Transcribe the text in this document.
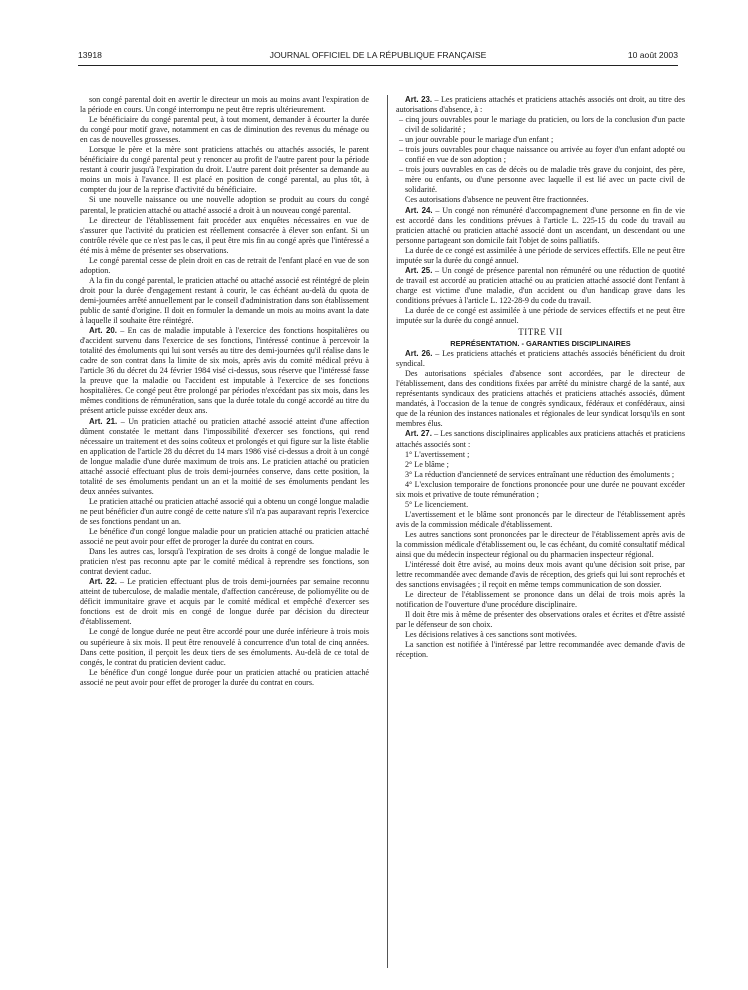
JOURNAL OFFICIEL DE LA RÉPUBLIQUE FRANÇAISE
13918	10 août 2003

son congé parental doit en avertir le directeur un mois au moins avant l'expiration de la période en cours. Un congé interrompu ne peut être repris ultérieurement.

Le bénéficiaire du congé parental peut, à tout moment, demander à écourter la durée du congé pour motif grave, notamment en cas de diminution des revenus du ménage ou en cas de nouvelles grossesses.

Lorsque le père et la mère sont praticiens attachés ou attachés associés, le parent bénéficiaire du congé parental peut y renoncer au profit de l'autre parent pour la période restant à courir jusqu'à l'expiration du droit. L'autre parent doit présenter sa demande au moins un mois à l'avance. Il est placé en position de congé parental, au plus tôt, à compter du jour de la reprise d'activité du bénéficiaire.

Si une nouvelle naissance ou une nouvelle adoption se produit au cours du congé parental, le praticien attaché ou attaché associé a droit à un nouveau congé parental.

Le directeur de l'établissement fait procéder aux enquêtes nécessaires en vue de s'assurer que l'activité du praticien est réellement consacrée à élever son enfant. Si un contrôle révèle que ce n'est pas le cas, il peut être mis fin au congé après que l'intéressé a été mis à même de présenter ses observations.

Le congé parental cesse de plein droit en cas de retrait de l'enfant placé en vue de son adoption.

A la fin du congé parental, le praticien attaché ou attaché associé est réintégré de plein droit pour la durée d'engagement restant à courir, le cas échéant au-delà du quota de demi-journées arrêté annuellement par le conseil d'administration dans son établissement public de santé d'origine. Il doit en formuler la demande un mois au moins avant la date à laquelle il souhaite être réintégré.

Art. 20. – En cas de maladie imputable à l'exercice des fonctions hospitalières ou d'accident survenu dans l'exercice de ses fonctions, l'intéressé continue à percevoir la totalité des émoluments qui lui sont versés au titre des demi-journées qu'il réalise dans le cadre de son contrat dans la limite de six mois, après avis du comité médical prévu à l'article 36 du décret du 24 février 1984 visé ci-dessus, sous réserve que l'intéressé fasse la preuve que la maladie ou l'accident est imputable à l'exercice de ses fonctions hospitalières. Ce congé peut être prolongé par périodes n'excédant pas six mois, dans les mêmes conditions de rémunération, sans que la durée totale du congé accordé au titre du présent article puisse excéder deux ans.

Art. 21. – Un praticien attaché ou praticien attaché associé atteint d'une affection dûment constatée le mettant dans l'impossibilité d'exercer ses fonctions, qui rend nécessaire un traitement et des soins coûteux et prolongés et qui figure sur la liste établie en application de l'article 28 du décret du 14 mars 1986 visé ci-dessus a droit à un congé de longue maladie d'une durée maximum de trois ans. Le praticien attaché ou praticien attaché associé effectuant plus de trois demi-journées conserve, dans cette position, la totalité de ses émoluments pendant un an et la moitié de ses émoluments pendant les deux années suivantes.

Le praticien attaché ou praticien attaché associé qui a obtenu un congé longue maladie ne peut bénéficier d'un autre congé de cette nature s'il n'a pas auparavant repris l'exercice de ses fonctions pendant un an.

Le bénéfice d'un congé longue maladie pour un praticien attaché ou praticien attaché associé ne peut avoir pour effet de proroger la durée du contrat en cours.

Dans les autres cas, lorsqu'à l'expiration de ses droits à congé de longue maladie le praticien n'est pas reconnu apte par le comité médical à reprendre ses fonctions, son contrat devient caduc.

Art. 22. – Le praticien effectuant plus de trois demi-journées par semaine reconnu atteint de tuberculose, de maladie mentale, d'affection cancéreuse, de poliomyélite ou de déficit immunitaire grave et acquis par le comité médical et empêché d'exercer ses fonctions est de droit mis en congé de longue durée par décision du directeur d'établissement.

Le congé de longue durée ne peut être accordé pour une durée inférieure à trois mois ou supérieure à six mois. Il peut être renouvelé à concurrence d'un total de cinq années. Dans cette position, il perçoit les deux tiers de ses émoluments. Au-delà de ce total de congés, le contrat du praticien devient caduc.

Le bénéfice d'un congé longue durée pour un praticien attaché ou praticien attaché associé ne peut avoir pour effet de proroger la durée du contrat en cours.

Art. 23. – Les praticiens attachés et praticiens attachés associés ont droit, au titre des autorisations d'absence, à :

– cinq jours ouvrables pour le mariage du praticien, ou lors de la conclusion d'un pacte civil de solidarité ;
– un jour ouvrable pour le mariage d'un enfant ;
– trois jours ouvrables pour chaque naissance ou arrivée au foyer d'un enfant adopté ou confié en vue de son adoption ;
– trois jours ouvrables en cas de décès ou de maladie très grave du conjoint, des père, mère ou enfants, ou d'une personne avec laquelle il est lié avec un pacte civil de solidarité.

Ces autorisations d'absence ne peuvent être fractionnées.

Art. 24. – Un congé non rémunéré d'accompagnement d'une personne en fin de vie est accordé dans les conditions prévues à l'article L. 225-15 du code du travail au praticien attaché ou praticien attaché associé dont un ascendant, un descendant ou une personne partageant son domicile fait l'objet de soins palliatifs.

La durée de ce congé est assimilée à une période de services effectifs. Elle ne peut être imputée sur la durée du congé annuel.

Art. 25. – Un congé de présence parental non rémunéré ou une réduction de quotité de travail est accordé au praticien attaché ou au praticien attaché associé dont l'enfant à charge est victime d'une maladie, d'un accident ou d'un handicap grave dans les conditions prévues à l'article L. 122-28-9 du code du travail.

La durée de ce congé est assimilée à une période de services effectifs et ne peut être imputée sur la durée du congé annuel.

TITRE VII

REPRÉSENTATION. - GARANTIES DISCIPLINAIRES

Art. 26. – Les praticiens attachés et praticiens attachés associés bénéficient du droit syndical.

Des autorisations spéciales d'absence sont accordées, par le directeur de l'établissement, dans des conditions fixées par arrêté du ministre chargé de la santé, aux représentants syndicaux des praticiens attachés et praticiens attachés associés, dûment mandatés, à l'occasion de la tenue de congrès syndicaux, fédéraux et confédéraux, ainsi que de la réunion des instances nationales et régionales de leur syndicat lorsqu'ils en sont membres élus.

Art. 27. – Les sanctions disciplinaires applicables aux praticiens attachés et praticiens attachés associés sont :

1° L'avertissement ;

2° Le blâme ;

3° La réduction d'ancienneté de services entraînant une réduction des émoluments ;

4° L'exclusion temporaire de fonctions prononcée pour une durée ne pouvant excéder six mois et privative de toute rémunération ;

5° Le licenciement.

L'avertissement et le blâme sont prononcés par le directeur de l'établissement après avis de la commission médicale d'établissement.

Les autres sanctions sont prononcées par le directeur de l'établissement après avis de la commission médicale d'établissement ou, le cas échéant, du comité consultatif médical ainsi que du médecin inspecteur régional ou du pharmacien inspecteur régional.

L'intéressé doit être avisé, au moins deux mois avant qu'une décision soit prise, par lettre recommandée avec demande d'avis de réception, des griefs qui lui sont reprochés et des sanctions envisagées ; il reçoit en même temps communication de son dossier.

Le directeur de l'établissement se prononce dans un délai de trois mois après la notification de l'ouverture d'une procédure disciplinaire.

Il doit être mis à même de présenter des observations orales et écrites et d'être assisté par le défenseur de son choix.

Les décisions relatives à ces sanctions sont motivées.

La sanction est notifiée à l'intéressé par lettre recommandée avec demande d'avis de réception.
